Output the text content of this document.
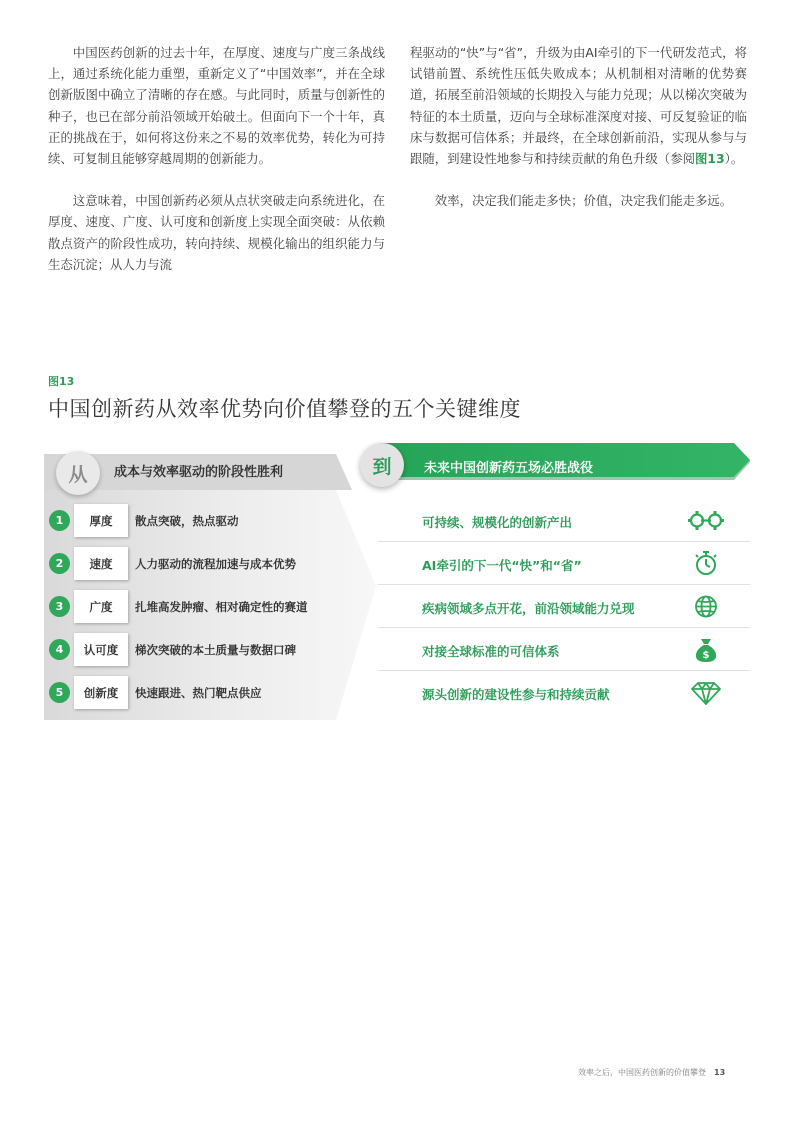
中国医药创新的过去十年，在厚度、速度与广度三条战线上，通过系统化能力重塑，重新定义了“中国效率”，并在全球创新版图中确立了清晰的存在感。与此同时，质量与创新性的种子，也已在部分前沿领域开始破土。但面向下一个十年，真正的挑战在于，如何将这份来之不易的效率优势，转化为可持续、可复制且能够穿越周期的创新能力。

这意味着，中国创新药必须从点状突破走向系统进化，在厚度、速度、广度、认可度和创新度上实现全面突破：从依赖散点资产的阶段性成功，转向持续、规模化输出的组织能力与生态沉淀；从人力与流

程驱动的“快”与“省”，升级为由AI牵引的下一代研发范式，将试错前置、系统性压低失败成本；从机制相对清晰的优势赛道，拓展至前沿领域的长期投入与能力兑现；从以梯次突破为特征的本土质量，迈向与全球标准深度对接、可反复验证的临床与数据可信体系；并最终，在全球创新前沿，实现从参与与跟随，到建设性地参与和持续贡献的角色升级（参阅图13）。

效率，决定我们能走多快；价值，决定我们能走多远。

图13
中国创新药从效率优势向价值攀登的五个关键维度
从	成本与效率驱动的阶段性胜利	到	未来中国创新药五场必胜战役
1	厚度	散点突破，热点驱动	可持续、规模化的创新产出
2	速度	人力驱动的流程加速与成本优势	AI牵引的下一代“快”和“省”
3	广度	扎堆高发肿瘤、相对确定性的赛道	疾病领域多点开花，前沿领域能力兑现
4	认可度	梯次突破的本土质量与数据口碑	对接全球标准的可信体系	$
5	创新度	快速跟进、热门靶点供应	源头创新的建设性参与和持续贡献
效率之后，中国医药创新的价值攀登 13
